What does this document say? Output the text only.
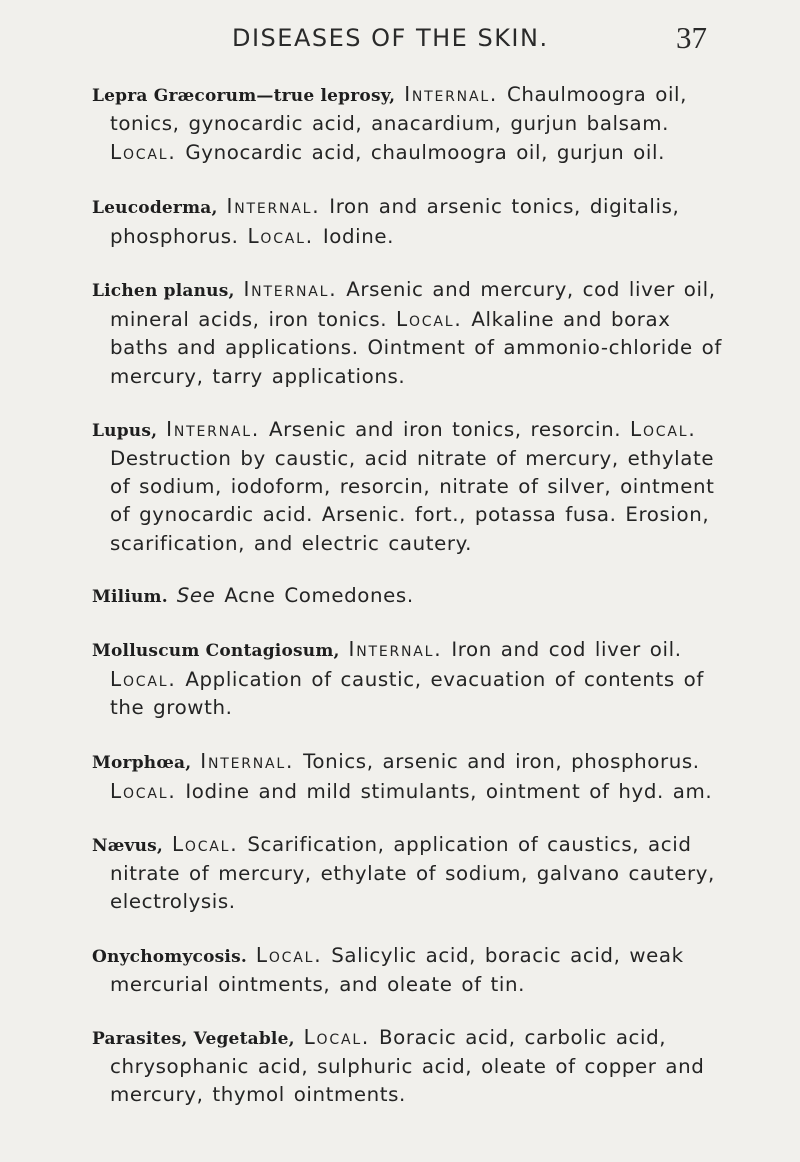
DISEASES OF THE SKIN.	37

Lepra Græcorum—true leprosy, Internal. Chaulmoogra oil, tonics, gynocardic acid, anacardium, gurjun balsam. Local. Gynocardic acid, chaulmoogra oil, gurjun oil.

Leucoderma, Internal. Iron and arsenic tonics, digitalis, phosphorus. Local. Iodine.

Lichen planus, Internal. Arsenic and mercury, cod liver oil, mineral acids, iron tonics. Local. Alkaline and borax baths and applications. Ointment of ammonio-chloride of mercury, tarry applications.

Lupus, Internal. Arsenic and iron tonics, resorcin. Local. Destruction by caustic, acid nitrate of mercury, ethylate of sodium, iodoform, resorcin, nitrate of silver, ointment of gynocardic acid. Arsenic. fort., potassa fusa. Erosion, scarification, and electric cautery.

Milium. See Acne Comedones.

Molluscum Contagiosum, Internal. Iron and cod liver oil. Local. Application of caustic, evacuation of contents of the growth.

Morphœa, Internal. Tonics, arsenic and iron, phosphorus. Local. Iodine and mild stimulants, ointment of hyd. am.

Nævus, Local. Scarification, application of caustics, acid nitrate of mercury, ethylate of sodium, galvano cautery, electrolysis.

Onychomycosis. Local. Salicylic acid, boracic acid, weak mercurial ointments, and oleate of tin.

Parasites, Vegetable, Local. Boracic acid, carbolic acid, chrysophanic acid, sulphuric acid, oleate of copper and mercury, thymol ointments.
